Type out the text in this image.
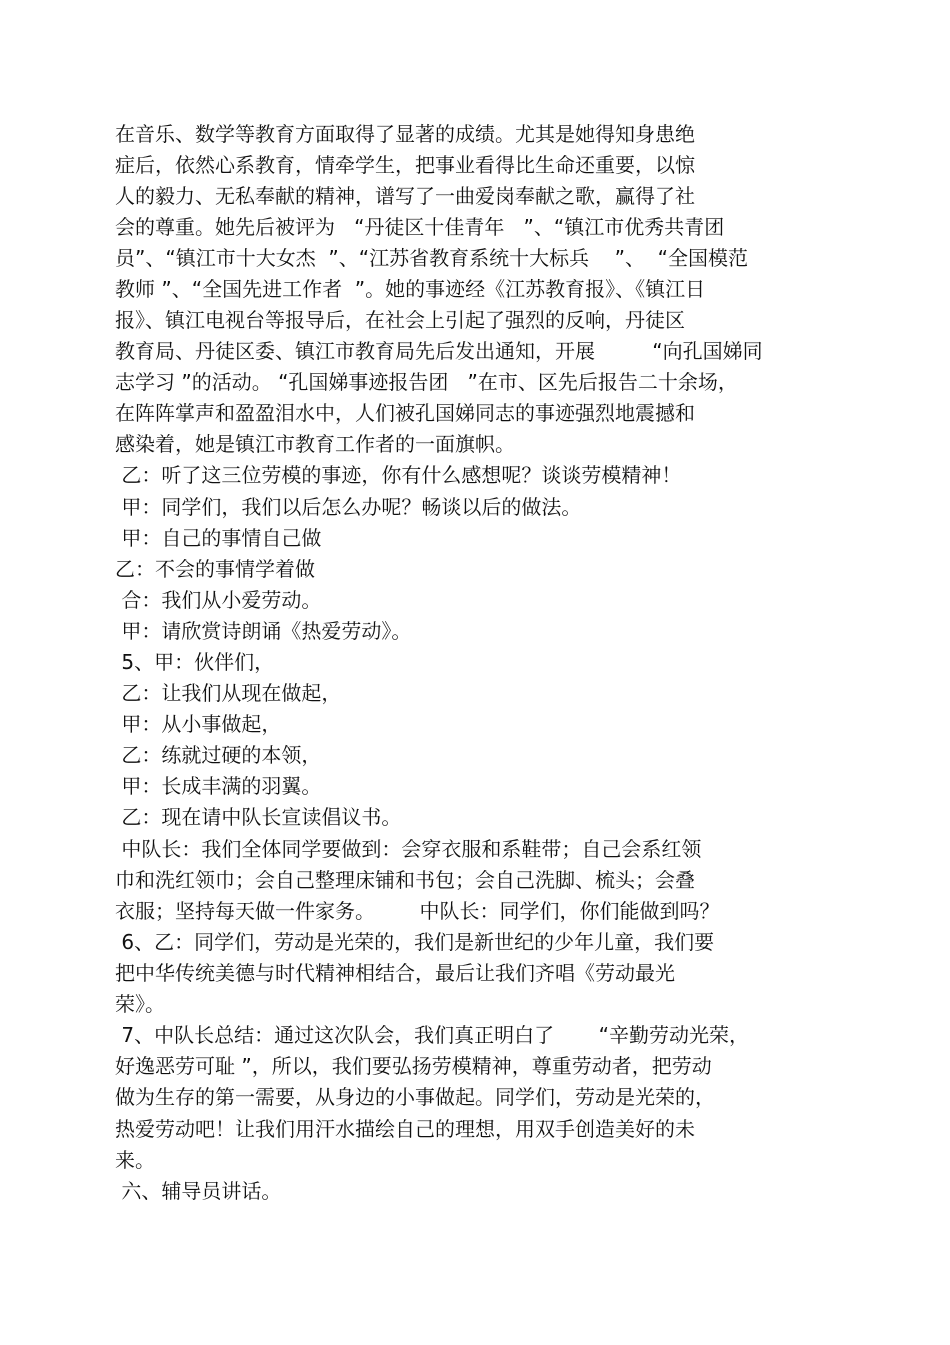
在音乐、数学等教育方面取得了显著的成绩。尤其是她得知身患绝
症后，依然心系教育，情牵学生，把事业看得比生命还重要，以惊
人的毅力、无私奉献的精神，谱写了一曲爱岗奉献之歌，赢得了社
会的尊重。她先后被评为   “丹徒区十佳青年   ”、“镇江市优秀共青团
员”、“镇江市十大女杰  ”、“江苏省教育系统十大标兵    ”、  “全国模范
教师 ”、“全国先进工作者  ”。她的事迹经《江苏教育报》、《镇江日
报》、镇江电视台等报导后，在社会上引起了强烈的反响，丹徒区
教育局、丹徒区委、镇江市教育局先后发出通知，开展         “向孔国娣同
志学习 ”的活动。 “孔国娣事迹报告团   ”在市、区先后报告二十余场，
在阵阵掌声和盈盈泪水中，人们被孔国娣同志的事迹强烈地震撼和
感染着，她是镇江市教育工作者的一面旗帜。
乙：听了这三位劳模的事迹，你有什么感想呢？谈谈劳模精神！
甲：同学们，我们以后怎么办呢？畅谈以后的做法。
甲：自己的事情自己做
乙：不会的事情学着做
合：我们从小爱劳动。
甲：请欣赏诗朗诵《热爱劳动》。
5、甲：伙伴们，
乙：让我们从现在做起，
甲：从小事做起，
乙：练就过硬的本领，
甲：长成丰满的羽翼。
乙：现在请中队长宣读倡议书。
中队长：我们全体同学要做到：会穿衣服和系鞋带；自己会系红领
巾和洗红领巾；会自己整理床铺和书包；会自己洗脚、梳头；会叠
衣服；坚持每天做一件家务。       中队长：同学们，你们能做到吗？
6、乙：同学们，劳动是光荣的，我们是新世纪的少年儿童，我们要
把中华传统美德与时代精神相结合，最后让我们齐唱《劳动最光
荣》。
7、中队长总结：通过这次队会，我们真正明白了       “辛勤劳动光荣，
好逸恶劳可耻 ”，所以，我们要弘扬劳模精神，尊重劳动者，把劳动
做为生存的第一需要，从身边的小事做起。同学们，劳动是光荣的，
热爱劳动吧！让我们用汗水描绘自己的理想，用双手创造美好的未
来。
六、辅导员讲话。
